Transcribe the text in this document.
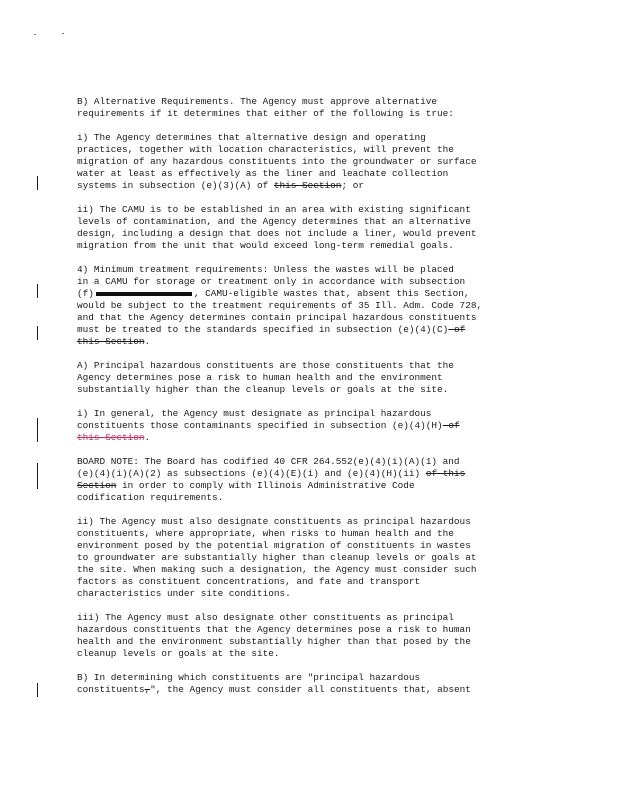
B) Alternative Requirements. The Agency must approve alternative
requirements if it determines that either of the following is true:
i) The Agency determines that alternative design and operating
practices, together with location characteristics, will prevent the
migration of any hazardous constituents into the groundwater or surface
water at least as effectively as the liner and leachate collection
systems in subsection (e)(3)(A) of this Section; or
ii) The CAMU is to be established in an area with existing significant
levels of contamination, and the Agency determines that an alternative
design, including a design that does not include a liner, would prevent
migration from the unit that would exceed long-term remedial goals.
4) Minimum treatment requirements: Unless the wastes will be placed
in a CAMU for storage or treatment only in accordance with subsection
(f)	, CAMU-eligible wastes that, absent this Section,
would be subject to the treatment requirements of 35 Ill. Adm. Code 728,
and that the Agency determines contain principal hazardous constituents
must be treated to the standards specified in subsection (e)(4)(C) of
this Section.
A) Principal hazardous constituents are those constituents that the
Agency determines pose a risk to human health and the environment
substantially higher than the cleanup levels or goals at the site.
i) In general, the Agency must designate as principal hazardous
constituents those contaminants specified in subsection (e)(4)(H) of
this Section.
BOARD NOTE: The Board has codified 40 CFR 264.552(e)(4)(i)(A)(1) and
(e)(4)(i)(A)(2) as subsections (e)(4)(E)(i) and (e)(4)(H)(ii) of this
Section in order to comply with Illinois Administrative Code
codification requirements.
ii) The Agency must also designate constituents as principal hazardous
constituents, where appropriate, when risks to human health and the
environment posed by the potential migration of constituents in wastes
to groundwater are substantially higher than cleanup levels or goals at
the site. When making such a designation, the Agency must consider such
factors as constituent concentrations, and fate and transport
characteristics under site conditions.
iii) The Agency must also designate other constituents as principal
hazardous constituents that the Agency determines pose a risk to human
health and the environment substantially higher than that posed by the
cleanup levels or goals at the site.
B) In determining which constituents are "principal hazardous
constituents,", the Agency must consider all constituents that, absent
